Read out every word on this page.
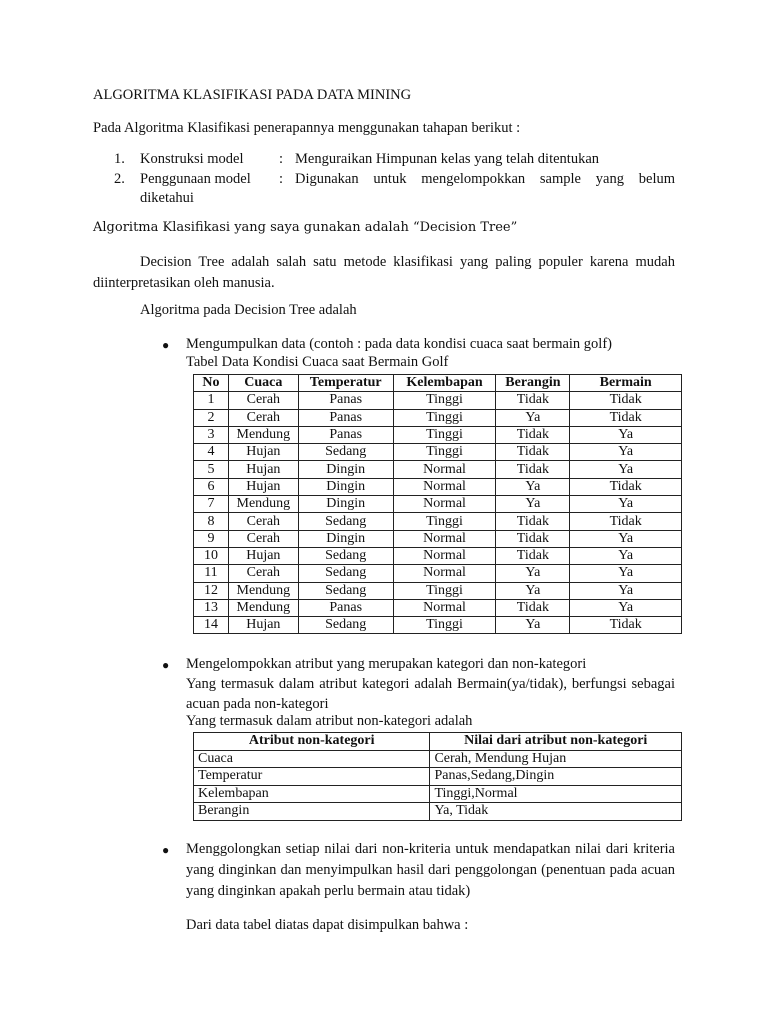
ALGORITMA KLASIFIKASI PADA DATA MINING
Pada Algoritma Klasifikasi penerapannya menggunakan tahapan berikut :
1. Konstruksi model : Menguraikan Himpunan kelas yang telah ditentukan
2. Penggunaan model : Digunakan untuk mengelompokkan sample yang belum
diketahui
Algoritma Klasifikasi yang saya gunakan adalah “Decision Tree”
Decision Tree adalah salah satu metode klasifikasi yang paling populer karena mudah diinterpretasikan oleh manusia.
Algoritma pada Decision Tree adalah
● Mengumpulkan data (contoh : pada data kondisi cuaca saat bermain golf)
Tabel Data Kondisi Cuaca saat Bermain Golf
No	Cuaca	Temperatur	Kelembapan	Berangin	Bermain
1	Cerah	Panas	Tinggi	Tidak	Tidak
2	Cerah	Panas	Tinggi	Ya	Tidak
3	Mendung	Panas	Tinggi	Tidak	Ya
4	Hujan	Sedang	Tinggi	Tidak	Ya
5	Hujan	Dingin	Normal	Tidak	Ya
6	Hujan	Dingin	Normal	Ya	Tidak
7	Mendung	Dingin	Normal	Ya	Ya
8	Cerah	Sedang	Tinggi	Tidak	Tidak
9	Cerah	Dingin	Normal	Tidak	Ya
10	Hujan	Sedang	Normal	Tidak	Ya
11	Cerah	Sedang	Normal	Ya	Ya
12	Mendung	Sedang	Tinggi	Ya	Ya
13	Mendung	Panas	Normal	Tidak	Ya
14	Hujan	Sedang	Tinggi	Ya	Tidak
● Mengelompokkan atribut yang merupakan kategori dan non-kategori
Yang termasuk dalam atribut kategori adalah Bermain(ya/tidak), berfungsi sebagai acuan pada non-kategori
Yang termasuk dalam atribut non-kategori adalah
Atribut non-kategori	Nilai dari atribut non-kategori
Cuaca	Cerah, Mendung Hujan
Temperatur	Panas,Sedang,Dingin
Kelembapan	Tinggi,Normal
Berangin	Ya, Tidak
● Menggolongkan setiap nilai dari non-kriteria untuk mendapatkan nilai dari kriteria yang dinginkan dan menyimpulkan hasil dari penggolongan (penentuan pada acuan yang dinginkan apakah perlu bermain atau tidak)
Dari data tabel diatas dapat disimpulkan bahwa :
